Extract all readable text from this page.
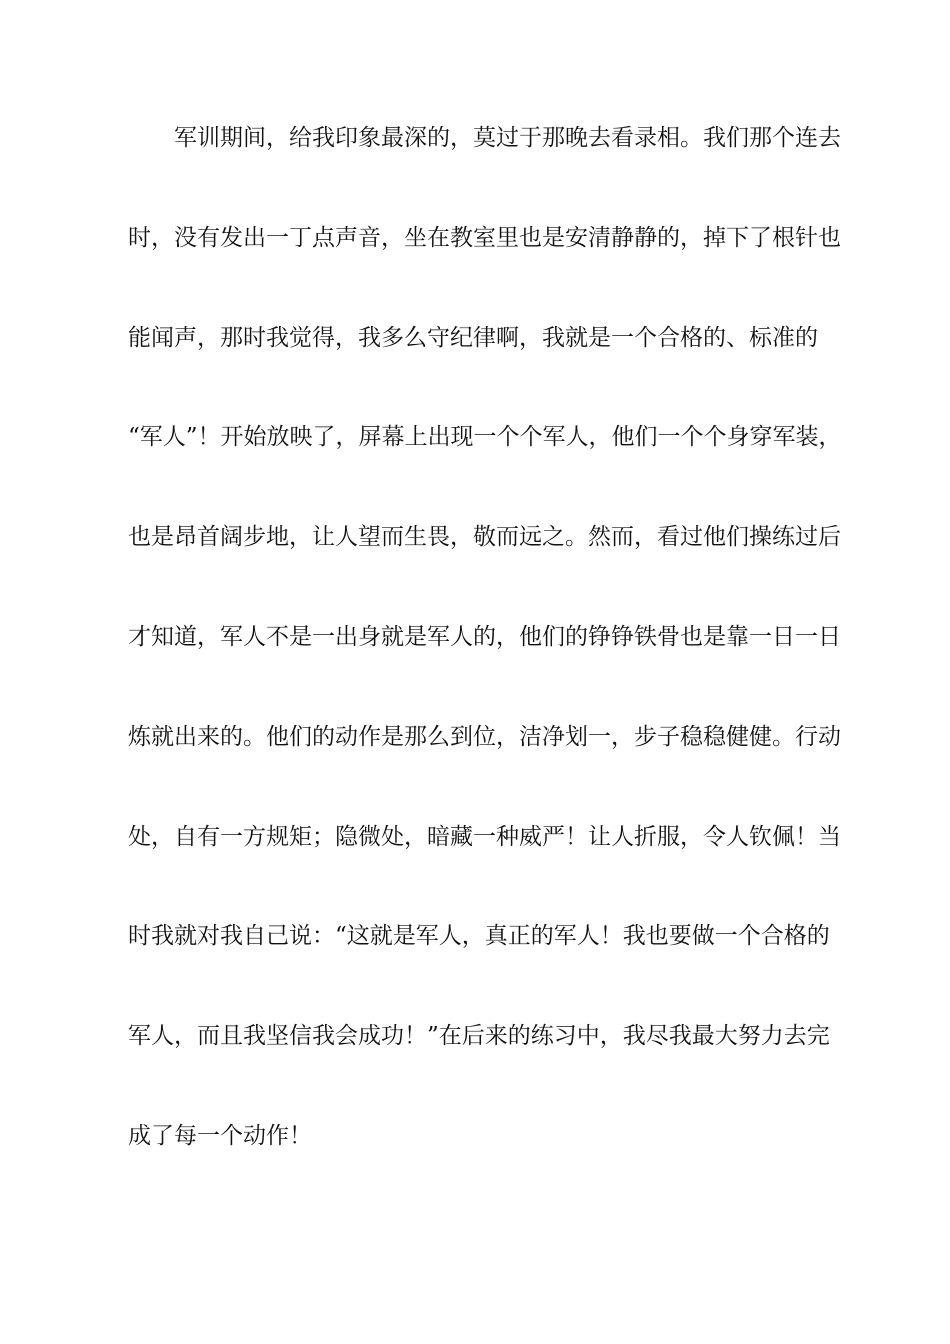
军训期间，给我印象最深的，莫过于那晚去看录相。我们那个连去
时，没有发出一丁点声音，坐在教室里也是安清静静的，掉下了根针也
能闻声，那时我觉得，我多么守纪律啊，我就是一个合格的、标准的
“军人”！开始放映了，屏幕上出现一个个军人，他们一个个身穿军装，
也是昂首阔步地，让人望而生畏，敬而远之。然而，看过他们操练过后
才知道，军人不是一出身就是军人的，他们的铮铮铁骨也是靠一日一日
炼就出来的。他们的动作是那么到位，洁净划一，步子稳稳健健。行动
处，自有一方规矩；隐微处，暗藏一种威严！让人折服，令人钦佩！当
时我就对我自己说：“这就是军人，真正的军人！我也要做一个合格的
军人，而且我坚信我会成功！”在后来的练习中，我尽我最大努力去完
成了每一个动作！
